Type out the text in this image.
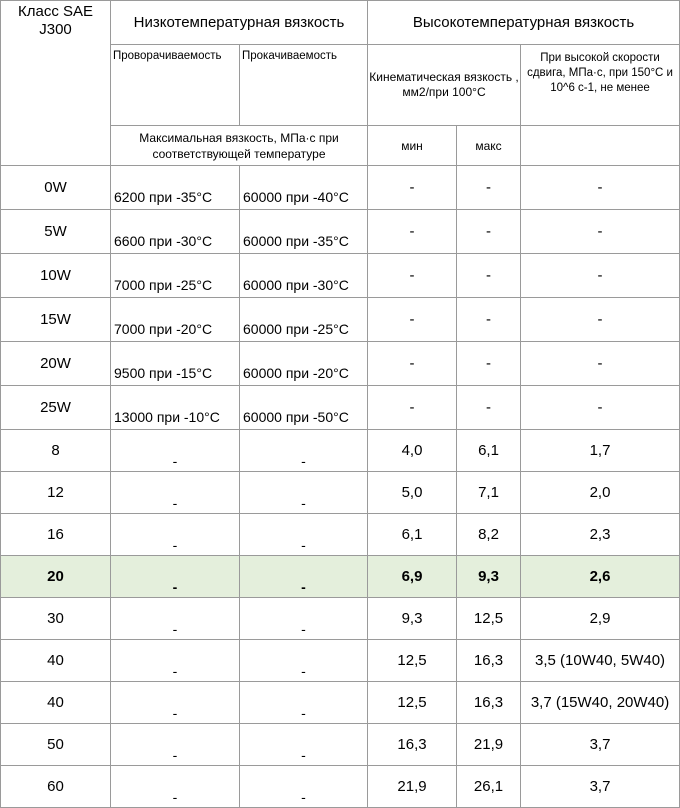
Класс SAE J300	Низкотемпературная вязкость		Высокотемпературная вязкость		
	Проворачиваемость	Прокачиваемость	Кинематическая вязкость , мм2/при 100°С		При высокой скорости сдвига, МПа·с, при 150°С и 10^6 с-1, не менее
	Максимальная вязкость, МПа·с при соответствующей температуре		мин	макс	
0W	6200 при -35°С	60000 при -40°С	-	-	-
5W	6600 при -30°С	60000 при -35°С	-	-	-
10W	7000 при -25°С	60000 при -30°С	-	-	-
15W	7000 при -20°С	60000 при -25°С	-	-	-
20W	9500 при -15°С	60000 при -20°С	-	-	-
25W	13000 при -10°С	60000 при -50°С	-	-	-
8	-	-	4,0	6,1	1,7
12	-	-	5,0	7,1	2,0
16	-	-	6,1	8,2	2,3
20	-	-	6,9	9,3	2,6
30	-	-	9,3	12,5	2,9
40	-	-	12,5	16,3	3,5 (10W40, 5W40)
40	-	-	12,5	16,3	3,7 (15W40, 20W40)
50	-	-	16,3	21,9	3,7
60	-	-	21,9	26,1	3,7
